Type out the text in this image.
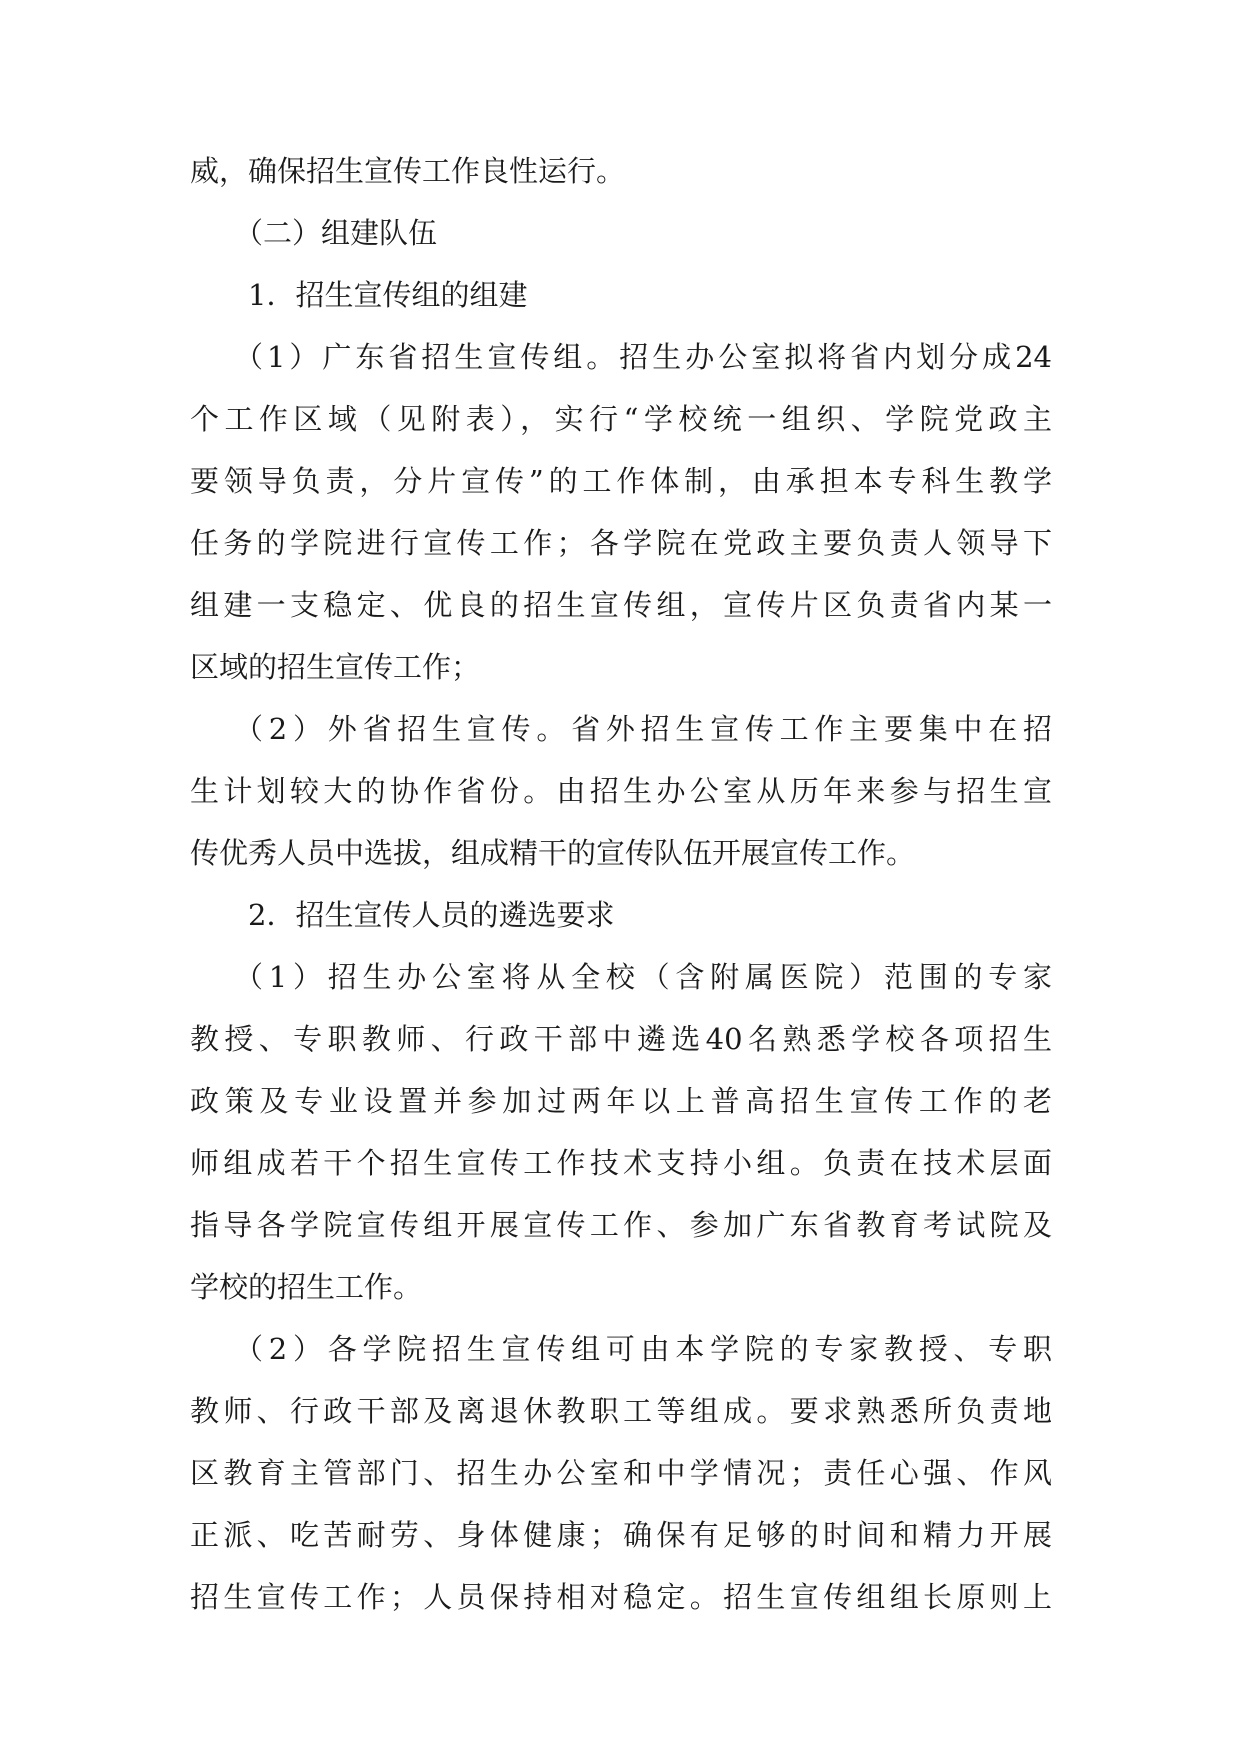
威，确保招生宣传工作良性运行。
（二）组建队伍
1．招生宣传组的组建
（1）广东省招生宣传组。招生办公室拟将省内划分成24
个工作区域（见附表），实行“学校统一组织、学院党政主
要领导负责，分片宣传”的工作体制，由承担本专科生教学
任务的学院进行宣传工作；各学院在党政主要负责人领导下
组建一支稳定、优良的招生宣传组，宣传片区负责省内某一
区域的招生宣传工作；
（2）外省招生宣传。省外招生宣传工作主要集中在招
生计划较大的协作省份。由招生办公室从历年来参与招生宣
传优秀人员中选拔，组成精干的宣传队伍开展宣传工作。
2．招生宣传人员的遴选要求
（1）招生办公室将从全校（含附属医院）范围的专家
教授、专职教师、行政干部中遴选40名熟悉学校各项招生
政策及专业设置并参加过两年以上普高招生宣传工作的老
师组成若干个招生宣传工作技术支持小组。负责在技术层面
指导各学院宣传组开展宣传工作、参加广东省教育考试院及
学校的招生工作。
（2）各学院招生宣传组可由本学院的专家教授、专职
教师、行政干部及离退休教职工等组成。要求熟悉所负责地
区教育主管部门、招生办公室和中学情况；责任心强、作风
正派、吃苦耐劳、身体健康；确保有足够的时间和精力开展
招生宣传工作；人员保持相对稳定。招生宣传组组长原则上
